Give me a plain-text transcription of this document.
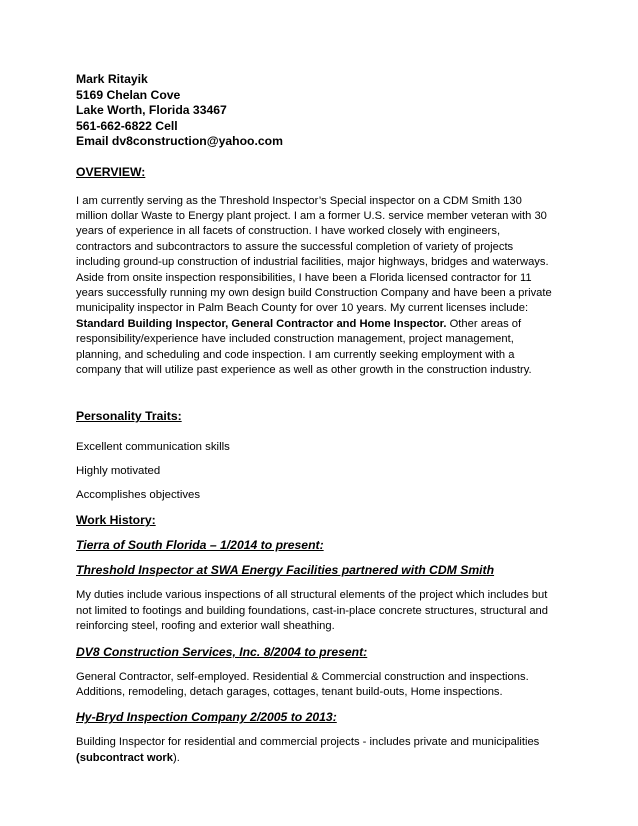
Mark Ritayik
5169 Chelan Cove
Lake Worth, Florida 33467
561-662-6822 Cell
Email dv8construction@yahoo.com
OVERVIEW:
I am currently serving as the Threshold Inspector’s Special inspector on a CDM Smith 130
million dollar Waste to Energy plant project. I am a former U.S. service member veteran with 30
years of experience in all facets of construction. I have worked closely with engineers,
contractors and subcontractors to assure the successful completion of variety of projects
including ground-up construction of industrial facilities, major highways, bridges and waterways.
Aside from onsite inspection responsibilities, I have been a Florida licensed contractor for 11
years successfully running my own design build Construction Company and have been a private
municipality inspector in Palm Beach County for over 10 years. My current licenses include:
Standard Building Inspector, General Contractor and Home Inspector. Other areas of
responsibility/experience have included construction management, project management,
planning, and scheduling and code inspection. I am currently seeking employment with a
company that will utilize past experience as well as other growth in the construction industry.
Personality Traits:
Excellent communication skills
Highly motivated
Accomplishes objectives
Work History:
Tierra of South Florida – 1/2014 to present:
Threshold Inspector at SWA Energy Facilities partnered with CDM Smith
My duties include various inspections of all structural elements of the project which includes but
not limited to footings and building foundations, cast-in-place concrete structures, structural and
reinforcing steel, roofing and exterior wall sheathing.
DV8 Construction Services, Inc. 8/2004 to present:
General Contractor, self-employed. Residential & Commercial construction and inspections.
Additions, remodeling, detach garages, cottages, tenant build-outs, Home inspections.
Hy-Bryd Inspection Company 2/2005 to 2013:
Building Inspector for residential and commercial projects - includes private and municipalities
(subcontract work).
